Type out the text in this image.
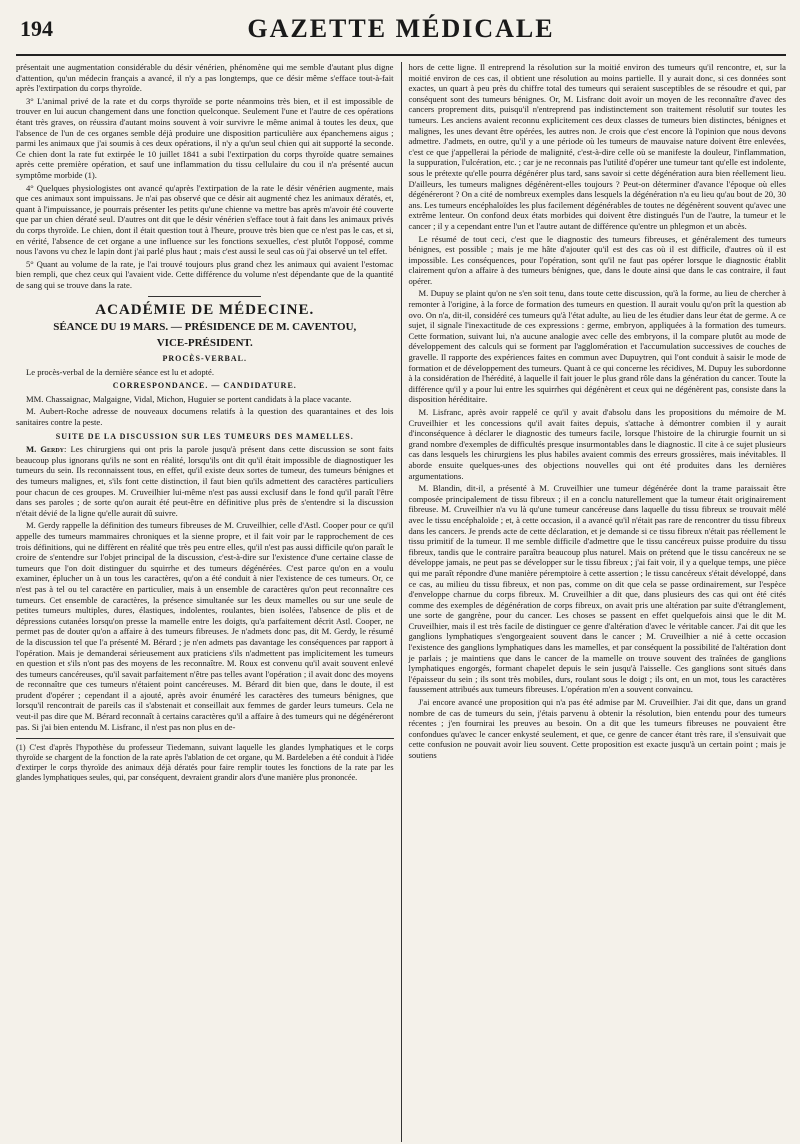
194	GAZETTE MÉDICALE

présentait une augmentation considérable du désir vénérien, phénomène qui me semble d'autant plus digne d'attention, qu'un médecin français a avancé, il n'y a pas longtemps, que ce désir même s'efface tout-à-fait après l'extirpation du corps thyroïde.

3° L'animal privé de la rate et du corps thyroïde se porte néanmoins très bien, et il est impossible de trouver en lui aucun changement dans une fonction quelconque. Seulement l'une et l'autre de ces opérations étant très graves, on réussira d'autant moins souvent à voir survivre le même animal à toutes les deux, que l'absence de l'un de ces organes semble déjà produire une disposition particulière aux épanchemens aigus ; parmi les animaux que j'ai soumis à ces deux opérations, il n'y a qu'un seul chien qui ait supporté la seconde. Ce chien dont la rate fut extirpée le 10 juillet 1841 a subi l'extirpation du corps thyroïde quatre semaines après cette première opération, et sauf une inflammation du tissu cellulaire du cou il n'a présenté aucun symptôme morbide (1).

4° Quelques physiologistes ont avancé qu'après l'extirpation de la rate le désir vénérien augmente, mais que ces animaux sont impuissans. Je n'ai pas observé que ce désir ait augmenté chez les animaux dératés, et, quant à l'impuissance, je pourrais présenter les petits qu'une chienne va mettre bas après m'avoir été couverte que par un chien dératé seul. D'autres ont dit que le désir vénérien s'efface tout à fait dans les animaux privés du corps thyroïde. Le chien, dont il était question tout à l'heure, prouve très bien que ce n'est pas le cas, et si, en vérité, l'absence de cet organe a une influence sur les fonctions sexuelles, c'est plutôt l'opposé, comme nous l'avons vu chez le lapin dont j'ai parlé plus haut ; mais c'est aussi le seul cas où j'ai observé un tel effet.

5° Quant au volume de la rate, je l'ai trouvé toujours plus grand chez les animaux qui avaient l'estomac bien rempli, que chez ceux qui l'avaient vide. Cette différence du volume n'est dépendante que de la quantité de sang qui se trouve dans la rate.

ACADÉMIE DE MÉDECINE.
SÉANCE DU 19 MARS. — PRÉSIDENCE DE M. CAVENTOU,
VICE-PRÉSIDENT.
PROCÈS-VERBAL.

Le procès-verbal de la dernière séance est lu et adopté.

CORRESPONDANCE. — CANDIDATURE.

MM. Chassaignac, Malgaigne, Vidal, Michon, Huguier se portent candidats à la place vacante.

M. Aubert-Roche adresse de nouveaux documens relatifs à la question des quarantaines et des lois sanitaires contre la peste.

SUITE DE LA DISCUSSION SUR LES TUMEURS DES MAMELLES.

M. Gerdy: Les chirurgiens qui ont pris la parole jusqu'à présent dans cette discussion se sont faits beaucoup plus ignorans qu'ils ne sont en réalité, lorsqu'ils ont dit qu'il était impossible de diagnostiquer les tumeurs du sein. Ils reconnaissent tous, en effet, qu'il existe deux sortes de tumeur, des tumeurs bénignes et des tumeurs malignes, et, s'ils font cette distinction, il faut bien qu'ils admettent des caractères particuliers pour chacun de ces groupes. M. Cruveilhier lui-même n'est pas aussi exclusif dans le fond qu'il paraît l'être dans ses paroles ; de sorte qu'on aurait été peut-être en définitive plus près de s'entendre si la discussion n'était dévié de la ligne qu'elle aurait dû suivre.

M. Gerdy rappelle la définition des tumeurs fibreuses de M. Cruveilhier, celle d'Astl. Cooper pour ce qu'il appelle des tumeurs mammaires chroniques et la sienne propre, et il fait voir par le rapprochement de ces trois définitions, qui ne diffèrent en réalité que très peu entre elles, qu'il n'est pas aussi difficile qu'on paraît le croire de s'entendre sur l'objet principal de la discussion, c'est-à-dire sur l'existence d'une certaine classe de tumeurs que l'on doit distinguer du squirrhe et des tumeurs dégénérées. C'est parce qu'on en a voulu examiner, éplucher un à un tous les caractères, qu'on a été conduit à nier l'existence de ces tumeurs. Or, ce n'est pas à tel ou tel caractère en particulier, mais à un ensemble de caractères qu'on peut reconnaître ces tumeurs. Cet ensemble de caractères, la présence simultanée sur les deux mamelles ou sur une seule de petites tumeurs multiples, dures, élastiques, indolentes, roulantes, bien isolées, l'absence de plis et de dépressions cutanées lorsqu'on presse la mamelle entre les doigts, qu'a parfaitement décrit Astl. Cooper, ne permet pas de douter qu'on a affaire à des tumeurs fibreuses. Je n'admets donc pas, dit M. Gerdy, le résumé de la discussion tel que l'a présenté M. Bérard ; je n'en admets pas davantage les conséquences par rapport à l'opération. Mais je demanderai sérieusement aux praticiens s'ils n'admettent pas implicitement les tumeurs en question et s'ils n'ont pas des moyens de les reconnaître. M. Roux est convenu qu'il avait souvent enlevé des tumeurs cancéreuses, qu'il savait parfaitement n'être pas telles avant l'opération ; il avait donc des moyens de reconnaître que ces tumeurs n'étaient point cancéreuses. M. Bérard dit bien que, dans le doute, il est prudent d'opérer ; cependant il a ajouté, après avoir énuméré les caractères des tumeurs bénignes, que lorsqu'il rencontrait de pareils cas il s'abstenait et conseillait aux femmes de garder leurs tumeurs. Cela ne veut-il pas dire que M. Bérard reconnaît à certains caractères qu'il a affaire à des tumeurs qui ne dégénéreront pas. Si j'ai bien entendu M. Lisfranc, il n'est pas non plus en de-

(1) C'est d'après l'hypothèse du professeur Tiedemann, suivant laquelle les glandes lymphatiques et le corps thyroïde se chargent de la fonction de la rate après l'ablation de cet organe, qu M. Bardeleben a été conduit à l'idée d'extirper le corps thyroïde des animaux déjà dératés pour faire remplir toutes les fonctions de la rate par les glandes lymphatiques seules, qui, par conséquent, devraient grandir alors d'une manière plus prononcée.

hors de cette ligne. Il entreprend la résolution sur la moitié environ des tumeurs qu'il rencontre, et, sur la moitié environ de ces cas, il obtient une résolution au moins partielle. Il y aurait donc, si ces données sont exactes, un quart à peu près du chiffre total des tumeurs qui seraient susceptibles de se résoudre et qui, par conséquent sont des tumeurs bénignes. Or, M. Lisfranc doit avoir un moyen de les reconnaître d'avec des cancers proprement dits, puisqu'il n'entreprend pas indistinctement son traitement résolutif sur toutes les tumeurs. Les anciens avaient reconnu explicitement ces deux classes de tumeurs bien distinctes, bénignes et malignes, les unes devant être opérées, les autres non. Je crois que c'est encore là l'opinion que nous devons admettre. J'admets, en outre, qu'il y a une période où les tumeurs de mauvaise nature doivent être enlevées, c'est ce que j'appellerai la période de malignité, c'est-à-dire celle où se manifeste la douleur, l'inflammation, la suppuration, l'ulcération, etc. ; car je ne reconnais pas l'utilité d'opérer une tumeur tant qu'elle est indolente, sous le prétexte qu'elle pourra dégénérer plus tard, sans savoir si cette dégénération aura bien réellement lieu. D'ailleurs, les tumeurs malignes dégénèrent-elles toujours ? Peut-on déterminer d'avance l'époque où elles dégénéreront ? On a cité de nombreux exemples dans lesquels la dégénération n'a eu lieu qu'au bout de 20, 30 ans. Les tumeurs encéphaloïdes les plus facilement dégénérables de toutes ne dégénèrent souvent qu'avec une extrême lenteur. On confond deux états morbides qui doivent être distingués l'un de l'autre, la tumeur et le cancer ; il y a cependant entre l'un et l'autre autant de différence qu'entre un phlegmon et un abcès.

Le résumé de tout ceci, c'est que le diagnostic des tumeurs fibreuses, et généralement des tumeurs bénignes, est possible ; mais je me hâte d'ajouter qu'il est des cas où il est difficile, d'autres où il est impossible. Les conséquences, pour l'opération, sont qu'il ne faut pas opérer lorsque le diagnostic établit clairement qu'on a affaire à des tumeurs bénignes, que, dans le doute ainsi que dans le cas contraire, il faut opérer.

M. Dupuy se plaint qu'on ne s'en soit tenu, dans toute cette discussion, qu'à la forme, au lieu de chercher à remonter à l'origine, à la force de formation des tumeurs en question. Il aurait voulu qu'on prît la question ab ovo. On n'a, dit-il, considéré ces tumeurs qu'à l'état adulte, au lieu de les étudier dans leur état de germe. A ce sujet, il signale l'inexactitude de ces expressions : germe, embryon, appliquées à la formation des tumeurs. Cette formation, suivant lui, n'a aucune analogie avec celle des embryons, il la compare plutôt au mode de développement des calculs qui se forment par l'agglomération et l'accumulation successives de couches de gravelle. Il rapporte des expériences faites en commun avec Dupuytren, qui l'ont conduit à saisir le mode de formation et de développement des tumeurs. Quant à ce qui concerne les récidives, M. Dupuy les subordonne à la considération de l'hérédité, à laquelle il fait jouer le plus grand rôle dans la génération du cancer. Toute la différence qu'il y a pour lui entre les squirrhes qui dégénèrent et ceux qui ne dégénèrent pas, consiste dans la disposition héréditaire.

M. Lisfranc, après avoir rappelé ce qu'il y avait d'absolu dans les propositions du mémoire de M. Cruveilhier et les concessions qu'il avait faites depuis, s'attache à démontrer combien il y aurait d'inconséquence à déclarer le diagnostic des tumeurs facile, lorsque l'histoire de la chirurgie fournit un si grand nombre d'exemples de difficultés presque insurmontables dans le diagnostic. Il cite à ce sujet plusieurs cas dans lesquels les chirurgiens les plus habiles avaient commis des erreurs grossières, mais inévitables. Il aborde ensuite quelques-unes des objections nouvelles qui ont été produites dans les dernières argumentations.

M. Blandin, dit-il, a présenté à M. Cruveilhier une tumeur dégénérée dont la trame paraissait être composée principalement de tissu fibreux ; il en a conclu naturellement que la tumeur était originairement fibreuse. M. Cruveilhier n'a vu là qu'une tumeur cancéreuse dans laquelle du tissu fibreux se trouvait mêlé avec le tissu encéphaloïde ; et, à cette occasion, il a avancé qu'il n'était pas rare de rencontrer du tissu fibreux dans les cancers. Je prends acte de cette déclaration, et je demande si ce tissu fibreux n'était pas réellement le tissu primitif de la tumeur. Il me semble difficile d'admettre que le tissu cancéreux puisse produire du tissu fibreux, tandis que le contraire paraîtra beaucoup plus naturel. Mais on prétend que le tissu cancéreux ne se développe jamais, ne peut pas se développer sur le tissu fibreux ; j'ai fait voir, il y a quelque temps, une pièce qui me paraît répondre d'une manière péremptoire à cette assertion ; le tissu cancéreux s'était développé, dans ce cas, au milieu du tissu fibreux, et non pas, comme on dit que cela se passe ordinairement, sur l'espèce d'enveloppe charnue du corps fibreux. M. Cruveilhier a dit que, dans plusieurs des cas qui ont été cités comme des exemples de dégénération de corps fibreux, on avait pris une altération par suite d'étranglement, une sorte de gangrène, pour du cancer. Les choses se passent en effet quelquefois ainsi que le dit M. Cruveilhier, mais il est très facile de distinguer ce genre d'altération d'avec le véritable cancer. J'ai dit que les ganglions lymphatiques s'engorgeaient souvent dans le cancer ; M. Cruveilhier a nié à cette occasion l'existence des ganglions lymphatiques dans les mamelles, et par conséquent la possibilité de l'altération dont je parlais ; je maintiens que dans le cancer de la mamelle on trouve souvent des traînées de ganglions lymphatiques engorgés, formant chapelet depuis le sein jusqu'à l'aisselle. Ces ganglions sont situés dans l'épaisseur du sein ; ils sont très mobiles, durs, roulant sous le doigt ; ils ont, en un mot, tous les caractères faussement attribués aux tumeurs fibreuses. L'opération m'en a souvent convaincu.

J'ai encore avancé une proposition qui n'a pas été admise par M. Cruveilhier. J'ai dit que, dans un grand nombre de cas de tumeurs du sein, j'étais parvenu à obtenir la résolution, bien entendu pour des tumeurs récentes ; j'en fournirai les preuves au besoin. On a dit que les tumeurs fibreuses ne pouvaient être confondues qu'avec le cancer enkysté seulement, et que, ce genre de cancer étant très rare, il s'ensuivait que cette confusion ne pouvait avoir lieu souvent. Cette proposition est exacte jusqu'à un certain point ; mais je soutiens
